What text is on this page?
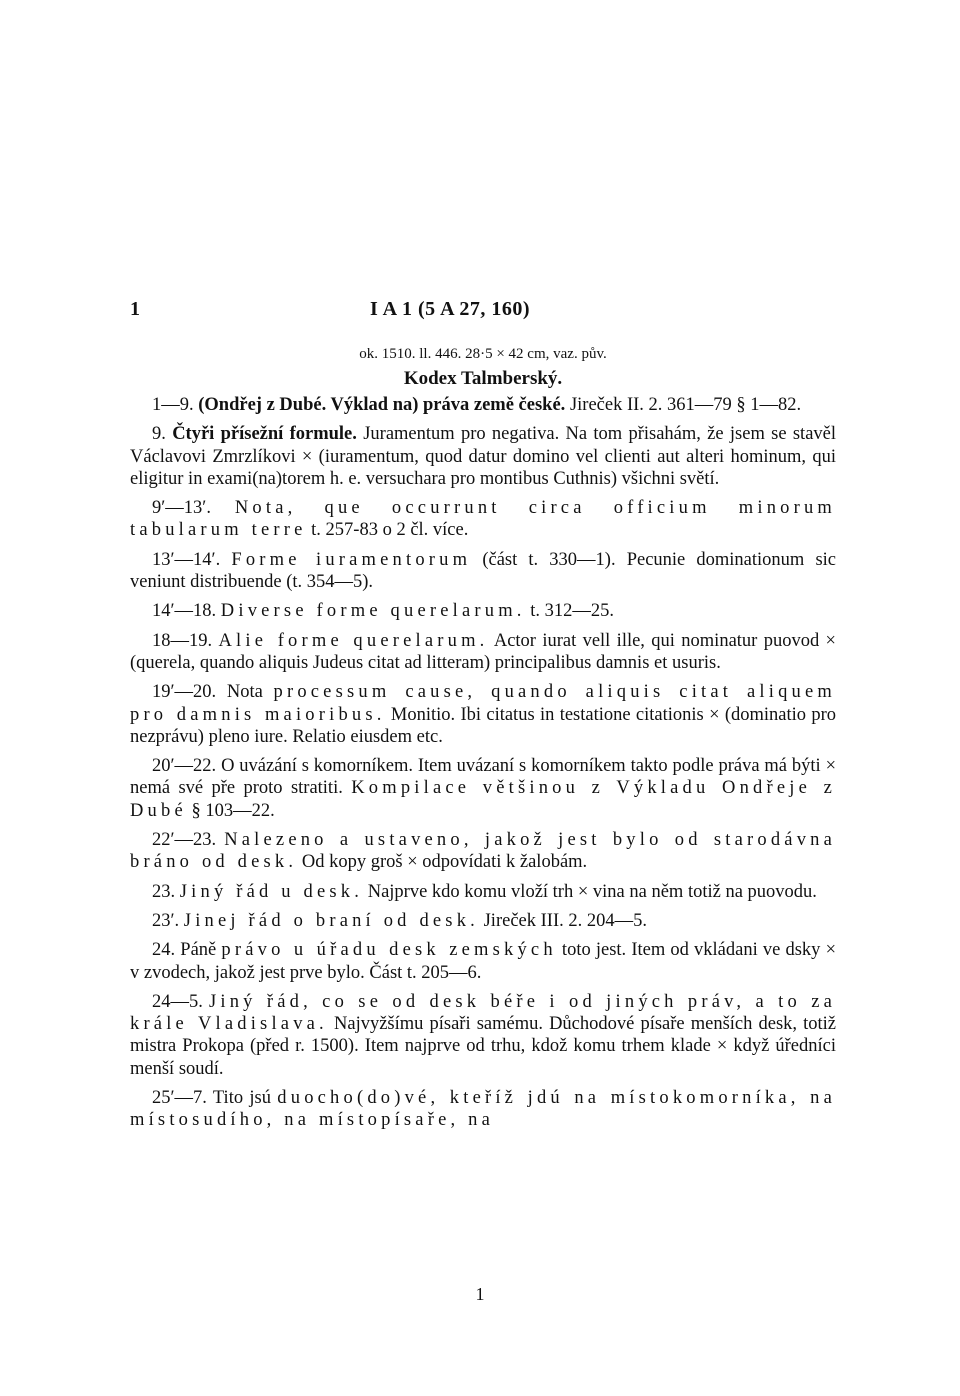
1	I A 1 (5 A 27, 160)
ok. 1510. ll. 446. 28·5 × 42 cm, vaz. pův.
Kodex Talmberský.

1—9. (Ondřej z Dubé. Výklad na) práva země české. Jireček II. 2. 361—79 § 1—82.

9. Čtyři přísežní formule. Juramentum pro negativa. Na tom přisahám, že jsem se stavěl Václavovi Zmrzlíkovi × (iuramentum, quod datur domino vel clienti aut alteri hominum, qui eligitur in exami(na)torem h. e. versuchara pro montibus Cuthnis) všichni světí.

9′—13′. Nota, que occurrunt circa officium minorum tabularum terre t. 257-83 o 2 čl. více.

13′—14′. Forme iuramentorum (část t. 330—1). Pecunie dominationum sic veniunt distribuende (t. 354—5).

14′—18. Diverse forme querelarum. t. 312—25.

18—19. Alie forme querelarum. Actor iurat vell ille, qui nominatur puovod × (querela, quando aliquis Judeus citat ad litteram) principalibus damnis et usuris.

19′—20. Nota processum cause, quando aliquis citat aliquem pro damnis maioribus. Monitio. Ibi citatus in testatione citationis × (dominatio pro nezprávu) pleno iure. Relatio eiusdem etc.

20′—22. O uvázání s komorníkem. Item uvázaní s komorníkem takto podle práva má býti × nemá své pře proto stratiti. Kompilace většinou z Výkladu Ondřeje z Dubé § 103—22.

22′—23. Nalezeno a ustaveno, jakož jest bylo od starodávna bráno od desk. Od kopy groš × odpovídati k žalobám.

23. Jiný řád u desk. Najprve kdo komu vloží trh × vina na něm totiž na puovodu.

23′. Jinej řád o braní od desk. Jireček III. 2. 204—5.

24. Páně právo u úřadu desk zemských toto jest. Item od vkládani ve dsky × v zvodech, jakož jest prve bylo. Část t. 205—6.

24—5. Jiný řád, co se od desk béře i od jiných práv, a to za krále Vladislava. Najvyžšímu písaři samému. Důchodové písaře menších desk, totiž mistra Prokopa (před r. 1500). Item najprve od trhu, kdož komu trhem klade × když úředníci menší soudí.

25′—7. Tito jsú duocho(do)vé, kteříž jdú na místokomorníka, na místosudího, na místopísaře, na

1
